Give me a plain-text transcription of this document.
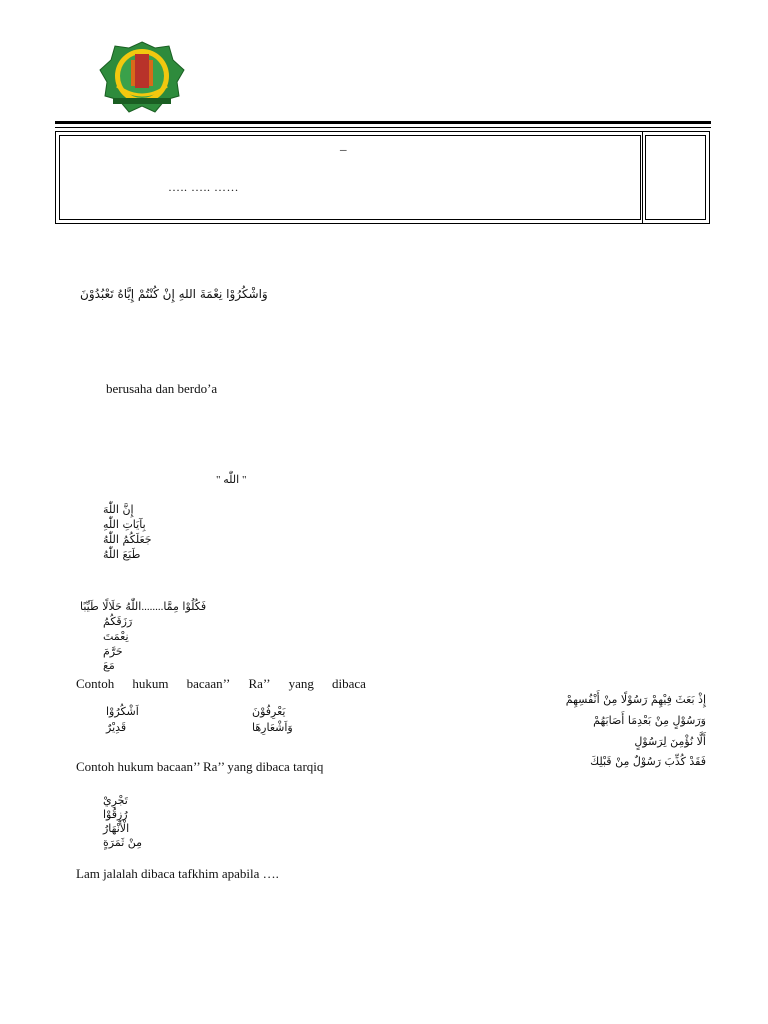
_
….. ….. ……
وَاشْكُرُوْا نِعْمَةَ اللهِ إِنْ كُنْتُمْ إِيَّاهُ تَعْبُدُوْنَ
berusaha dan berdo’a
" اللّٰه "
إِنَّ اللّٰهَ
بِآيَاتِ اللّٰهِ
جَعَلَكُمُ اللّٰهُ
طَبَعَ اللّٰهُ
اللّٰهُ حَلَالًا طَيِّبًا........فَكُلُوْا مِمَّا
رَزَقَكُمُ
نِعْمَتَ
حَرَّمَ
مَعَ
Contoh hukum bacaan’’ Ra’’ yang dibaca
اَشْكُرُوْا	يَعْرِفُوْنَ
قَدِيْرٌ	وَاَشْعَارِهَا
إِذْ بَعَثَ فِيْهِمْ رَسُوْلًا مِنْ أَنْفُسِهِمْ
وَرَسُوْلٍ مِنْ بَعْدِمَا أَصَابَهُمْ
أَلَّا نُؤْمِنَ لِرَسُوْلٍ
فَقَدْ كُذِّبَ رَسُوْلٌ مِنْ قَبْلِكَ
Contoh hukum bacaan’’ Ra’’ yang dibaca tarqiq
تَجْرِيْ
رُزِقُوْا
الْأَنْهَارُ
مِنْ ثَمَرَةٍ
Lam jalalah dibaca tafkhim apabila ….
